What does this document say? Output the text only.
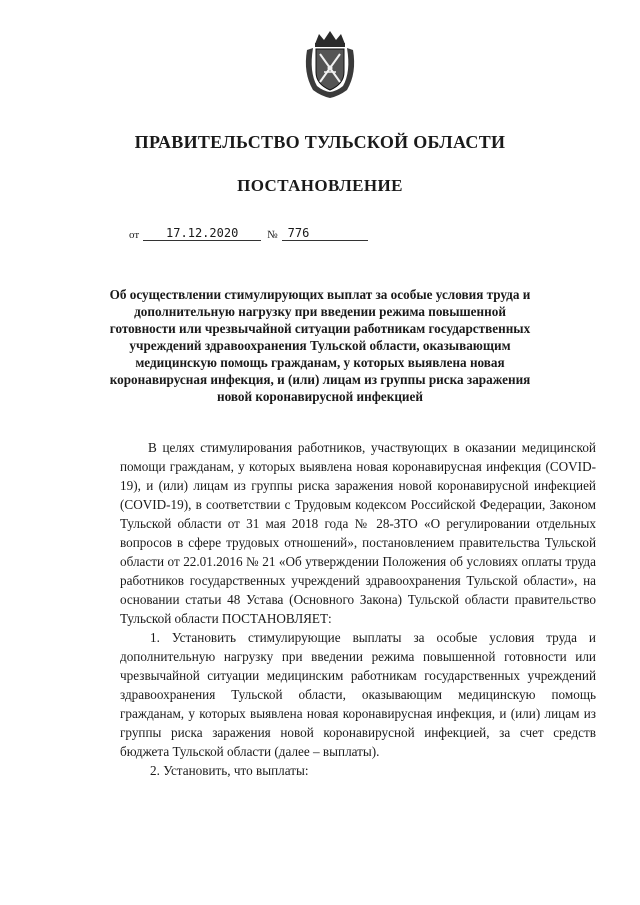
ПРАВИТЕЛЬСТВО ТУЛЬСКОЙ ОБЛАСТИ
ПОСТАНОВЛЕНИЕ
от 17.12.2020	№ 776
Об осуществлении стимулирующих выплат за особые условия труда и дополнительную нагрузку при введении режима повышенной готовности или чрезвычайной ситуации работникам государственных учреждений здравоохранения Тульской области, оказывающим медицинскую помощь гражданам, у которых выявлена новая коронавирусная инфекция, и (или) лицам из группы риска заражения новой коронавирусной инфекцией

В целях стимулирования работников, участвующих в оказании медицинской помощи гражданам, у которых выявлена новая коронавирусная инфекция (COVID-19), и (или) лицам из группы риска заражения новой коронавирусной инфекцией (COVID-19), в соответствии с Трудовым кодексом Российской Федерации, Законом Тульской области от 31 мая 2018 года № 28-ЗТО «О регулировании отдельных вопросов в сфере трудовых отношений», постановлением правительства Тульской области от 22.01.2016 № 21 «Об утверждении Положения об условиях оплаты труда работников государственных учреждений здравоохранения Тульской области», на основании статьи 48 Устава (Основного Закона) Тульской области правительство Тульской области ПОСТАНОВЛЯЕТ:

1. Установить стимулирующие выплаты за особые условия труда и дополнительную нагрузку при введении режима повышенной готовности или чрезвычайной ситуации медицинским работникам государственных учреждений здравоохранения Тульской области, оказывающим медицинскую помощь гражданам, у которых выявлена новая коронавирусная инфекция, и (или) лицам из группы риска заражения новой коронавирусной инфекцией, за счет средств бюджета Тульской области (далее – выплаты).

2. Установить, что выплаты:
